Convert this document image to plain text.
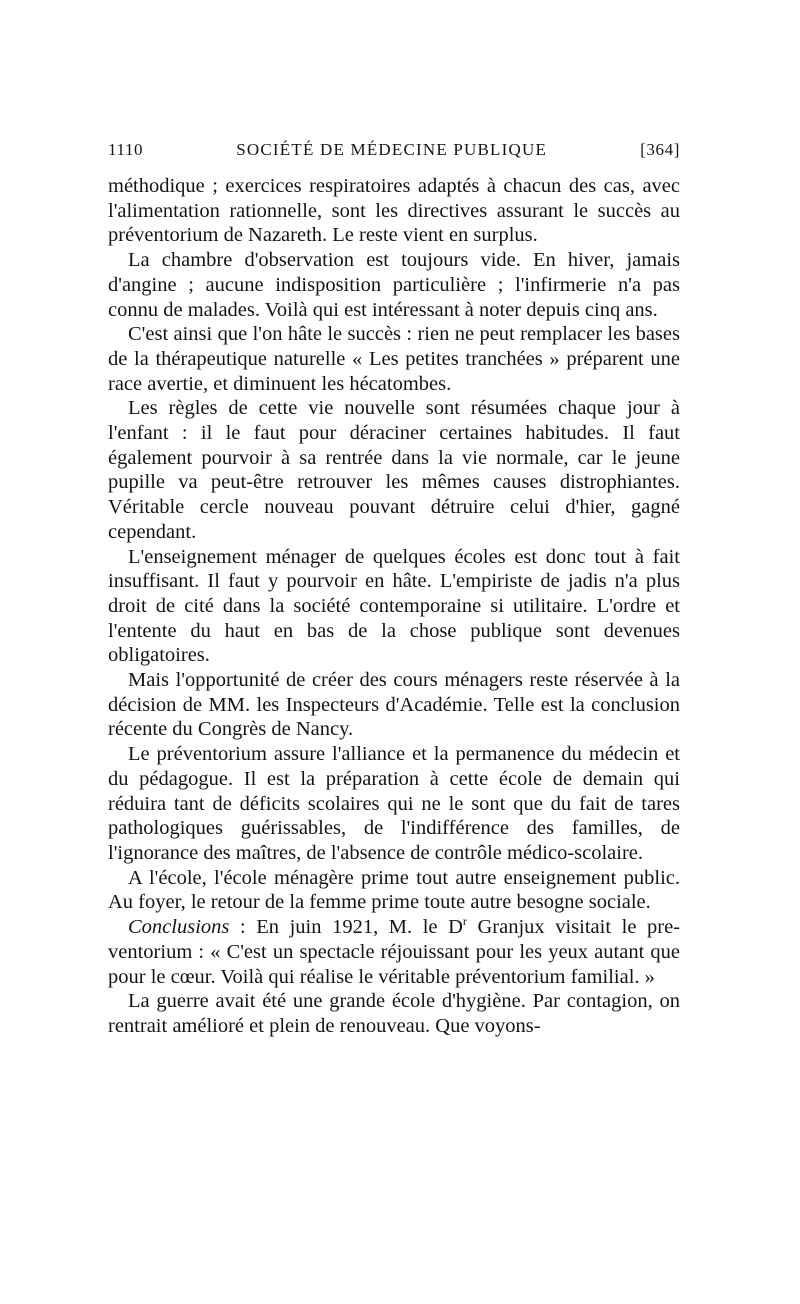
1110	SOCIÉTÉ DE MÉDECINE PUBLIQUE	[364]

méthodique ; exercices respiratoires adaptés à chacun des cas, avec l'alimentation rationnelle, sont les directives assurant le succès au préventorium de Nazareth. Le reste vient en surplus.

La chambre d'observation est toujours vide. En hiver, jamais d'angine ; aucune indisposition particulière ; l'infirmerie n'a pas connu de malades. Voilà qui est intéressant à noter depuis cinq ans.

C'est ainsi que l'on hâte le succès : rien ne peut remplacer les bases de la thérapeutique naturelle « Les petites tranchées » préparent une race avertie, et diminuent les hécatombes.

Les règles de cette vie nouvelle sont résumées chaque jour à l'enfant : il le faut pour déraciner certaines habitudes. Il faut également pourvoir à sa rentrée dans la vie normale, car le jeune pupille va peut-être retrouver les mêmes causes distrophiantes. Véritable cercle nouveau pouvant détruire celui d'hier, gagné cependant.

L'enseignement ménager de quelques écoles est donc tout à fait insuffisant. Il faut y pourvoir en hâte. L'empiriste de jadis n'a plus droit de cité dans la société contemporaine si utilitaire. L'ordre et l'entente du haut en bas de la chose publique sont devenues obligatoires.

Mais l'opportunité de créer des cours ménagers reste réservée à la décision de MM. les Inspecteurs d'Académie. Telle est la conclusion récente du Congrès de Nancy.

Le préventorium assure l'alliance et la permanence du médecin et du pédagogue. Il est la préparation à cette école de demain qui réduira tant de déficits scolaires qui ne le sont que du fait de tares pathologiques guérissables, de l'indifférence des familles, de l'ignorance des maîtres, de l'absence de contrôle médico-scolaire.

A l'école, l'école ménagère prime tout autre enseignement public. Au foyer, le retour de la femme prime toute autre besogne sociale.

Conclusions : En juin 1921, M. le $D^r$ Granjux visitait le preventorium : « C'est un spectacle réjouissant pour les yeux autant que pour le cœur. Voilà qui réalise le véritable préventorium familial. »

La guerre avait été une grande école d'hygiène. Par contagion, on rentrait amélioré et plein de renouveau. Que voyons-
